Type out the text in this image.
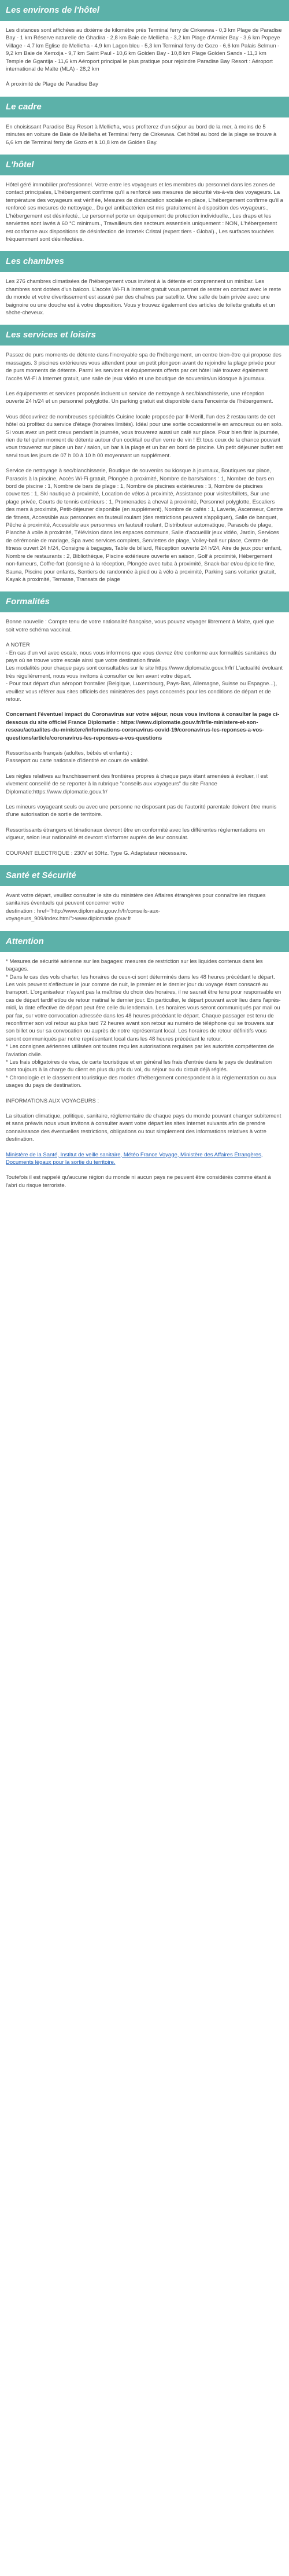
Les environs de l'hôtel

Les distances sont affichées au dixième de kilomètre près Terminal ferry de Cirkewwa - 0,3 km Plage de Paradise Bay - 1 km Réserve naturelle de Ghadira - 2,8 km Baie de Mellieħa - 3,2 km Plage d'Armier Bay - 3,6 km Popeye Village - 4,7 km Église de Mellieħa - 4,9 km Lagon bleu - 5,3 km Terminal ferry de Gozo - 6,6 km Palais Selmun - 9,2 km Baie de Xemxija - 9,7 km Saint Paul - 10,6 km Golden Bay - 10,8 km Plage Golden Sands - 11,3 km Temple de Ġgantija - 11,6 km Aéroport principal le plus pratique pour rejoindre Paradise Bay Resort : Aéroport international de Malte (MLA) - 28,2 km

À proximité de Plage de Paradise Bay

Le cadre

En choisissant Paradise Bay Resort à Mellieħa, vous profiterez d'un séjour au bord de la mer, à moins de 5 minutes en voiture de Baie de Mellieħa et Terminal ferry de Cirkewwa. Cet hôtel au bord de la plage se trouve à 6,6 km de Terminal ferry de Gozo et à 10,8 km de Golden Bay.

L'hôtel

Hôtel géré immobilier professionnel. Votre entre les voyageurs et les membres du personnel dans les zones de contact principales, L'hébergement confirme qu'il a renforcé ses mesures de sécurité vis-à-vis des voyageurs. La température des voyageurs est vérifiée, Mesures de distanciation sociale en place, L'hébergement confirme qu'il a renforcé ses mesures de nettoyage., Du gel antibactérien est mis gratuitement à disposition des voyageurs., L'hébergement est désinfecté., Le personnel porte un équipement de protection individuelle., Les draps et les serviettes sont lavés à 60 °C minimum., Travailleurs des secteurs essentiels uniquement : NON, L'hébergement est conforme aux dispositions de désinfection de Intertek Cristal (expert tiers - Global)., Les surfaces touchées fréquemment sont désinfectées.

Les chambres

Les 276 chambres climatisées de l'hébergement vous invitent à la détente et comprennent un minibar. Les chambres sont dotées d'un balcon. L'accès Wi-Fi à Internet gratuit vous permet de rester en contact avec le reste du monde et votre divertissement est assuré par des chaînes par satellite. Une salle de bain privée avec une baignoire ou une douche est à votre disposition. Vous y trouvez également des articles de toilette gratuits et un sèche-cheveux.

Les services et loisirs

Passez de purs moments de détente dans l'incroyable spa de l'hébergement, un centre bien-être qui propose des massages. 3 piscines extérieures vous attendent pour un petit plongeon avant de rejoindre la plage privée pour de purs moments de détente. Parmi les services et équipements offerts par cet hôtel Ialé trouvez également l'accès Wi-Fi à Internet gratuit, une salle de jeux vidéo et une boutique de souvenirs/un kiosque à journaux.

Les équipements et services proposés incluent un service de nettoyage à sec/blanchisserie, une réception ouverte 24 h/24 et un personnel polyglotte. Un parking gratuit est disponible dans l'enceinte de l'hébergement.

Vous découvrirez de nombreuses spécialités Cuisine locale proposée par Il-Merill, l'un des 2 restaurants de cet hôtel où profitez du service d'étage (horaires limités). Idéal pour une sortie occasionnelle en amoureux ou en solo. Si vous avez un petit creux pendant la journée, vous trouverez aussi un café sur place. Pour bien finir la journée, rien de tel qu'un moment de détente autour d'un cocktail ou d'un verre de vin ! Et tous ceux de la chance pouvant vous trouverez sur place un bar / salon, un bar à la plage et un bar en bord de piscine. Un petit déjeuner buffet est servi tous les jours de 07 h 00 à 10 h 00 moyennant un supplément.

Service de nettoyage à sec/blanchisserie, Boutique de souvenirs ou kiosque à journaux, Boutiques sur place, Parasols à la piscine, Accès Wi-Fi gratuit, Plongée à proximité, Nombre de bars/salons : 1, Nombre de bars en bord de piscine : 1, Nombre de bars de plage : 1, Nombre de piscines extérieures : 3, Nombre de piscines couvertes : 1, Ski nautique à proximité, Location de vélos à proximité, Assistance pour visites/billets, Sur une plage privée, Courts de tennis extérieurs : 1, Promenades à cheval à proximité, Personnel polyglotte, Escaliers des mers à proximité, Petit-déjeuner disponible (en supplément), Nombre de cafés : 1, Laverie, Ascenseur, Centre de fitness, Accessible aux personnes en fauteuil roulant (des restrictions peuvent s'appliquer), Salle de banquet, Pêche à proximité, Accessible aux personnes en fauteuil roulant, Distributeur automatique, Parasols de plage, Planche à voile à proximité, Télévision dans les espaces communs, Salle d'accueillir jeux vidéo, Jardin, Services de cérémonie de mariage, Spa avec services complets, Serviettes de plage, Volley-ball sur place, Centre de fitness ouvert 24 h/24, Consigne à bagages, Table de billard, Réception ouverte 24 h/24, Aire de jeux pour enfant, Nombre de restaurants : 2, Bibliothèque, Piscine extérieure ouverte en saison, Golf à proximité, Hébergement non-fumeurs, Coffre-fort (consigne à la réception, Plongée avec tuba à proximité, Snack-bar et/ou épicerie fine, Sauna, Piscine pour enfants, Sentiers de randonnée à pied ou à vélo à proximité, Parking sans voiturier gratuit, Kayak à proximité, Terrasse, Transats de plage

Formalités

Bonne nouvelle : Compte tenu de votre nationalité française, vous pouvez voyager librement à Malte, quel que soit votre schéma vaccinal.

A NOTER
- En cas d'un vol avec escale, nous vous informons que vous devrez être conforme aux formalités sanitaires du pays où se trouve votre escale ainsi que votre destination finale.
Les modalités pour chaque pays sont consultables sur le site https://www.diplomatie.gouv.fr/fr/ L'actualité évoluant très régulièrement, nous vous invitons à consulter ce lien avant votre départ.
- Pour tout départ d'un aéroport frontalier (Belgique, Luxembourg, Pays-Bas, Allemagne, Suisse ou Espagne...), veuillez vous référer aux sites officiels des ministères des pays concernés pour les conditions de départ et de retour.

Concernant l'éventuel impact du Coronavirus sur votre séjour, nous vous invitons à consulter la page ci-dessous du site officiel France Diplomatie : https://www.diplomatie.gouv.fr/fr/le-ministere-et-son-reseau/actualites-du-ministere/informations-coronavirus-covid-19/coronavirus-les-reponses-a-vos-questions/article/coronavirus-les-reponses-a-vos-questions

Ressortissants français (adultes, bébés et enfants) :
Passeport ou carte nationale d'identité en cours de validité.

Les règles relatives au franchissement des frontières propres à chaque pays étant amenées à évoluer, il est vivement conseillé de se reporter à la rubrique "conseils aux voyageurs" du site France
Diplomatie:https://www.diplomatie.gouv.fr/

Les mineurs voyageant seuls ou avec une personne ne disposant pas de l'autorité parentale doivent être munis d'une autorisation de sortie de territoire.

Ressortissants étrangers et binationaux devront être en conformité avec les différentes réglementations en vigueur, selon leur nationalité et devront s'informer auprès de leur consulat.

COURANT ELECTRIQUE : 230V et 50Hz. Type G. Adaptateur nécessaire.

Santé et Sécurité

Avant votre départ, veuillez consulter le site du ministère des Affaires étrangères pour connaître les risques sanitaires éventuels qui peuvent concerner votre
destination : href="http://www.diplomatie.gouv.fr/fr/conseils-aux-voyageurs_909/index.html">www.diplomatie.gouv.fr

Attention

* Mesures de sécurité aérienne sur les bagages: mesures de restriction sur les liquides contenus dans les bagages.
* Dans le cas des vols charter, les horaires de ceux-ci sont déterminés dans les 48 heures précédant le départ. Les vols peuvent s'effectuer le jour comme de nuit, le premier et le dernier jour du voyage étant consacré au transport. L'organisateur n'ayant pas la maîtrise du choix des horaires, il ne saurait être tenu pour responsable en cas de départ tardif et/ou de retour matinal le dernier jour. En particulier, le départ pouvant avoir lieu dans l'après-midi, la date effective de départ peut être celle du lendemain. Les horaires vous seront communiqués par mail ou par fax, sur votre convocation adressée dans les 48 heures précédant le départ. Chaque passager est tenu de reconfirmer son vol retour au plus tard 72 heures avant son retour au numéro de téléphone qui se trouvera sur son billet ou sur sa convocation ou auprès de notre représentant local. Les horaires de retour définitifs vous seront communiqués par notre représentant local dans les 48 heures précédant le retour.
* Les consignes aériennes utilisées ont toutes reçu les autorisations requises par les autorités compétentes de l'aviation civile.
* Les frais obligatoires de visa, de carte touristique et en général les frais d'entrée dans le pays de destination sont toujours à la charge du client en plus du prix du vol, du séjour ou du circuit déjà réglés.
* Chronologie et le classement touristique des modes d'hébergement correspondent à la réglementation ou aux usages du pays de destination.

INFORMATIONS AUX VOYAGEURS :

La situation climatique, politique, sanitaire, réglementaire de chaque pays du monde pouvant changer subitement et sans préavis nous vous invitons à consulter avant votre départ les sites Internet suivants afin de prendre connaissance des éventuelles restrictions, obligations ou tout simplement des informations relatives à votre destination.

Ministère de la Santé, Institut de veille sanitaire, Météo France Voyage, Ministère des Affaires Étrangères, Documents légaux pour la sortie du territoire.

Toutefois il est rappelé qu'aucune région du monde ni aucun pays ne peuvent être considérés comme étant à l'abri du risque terroriste.
